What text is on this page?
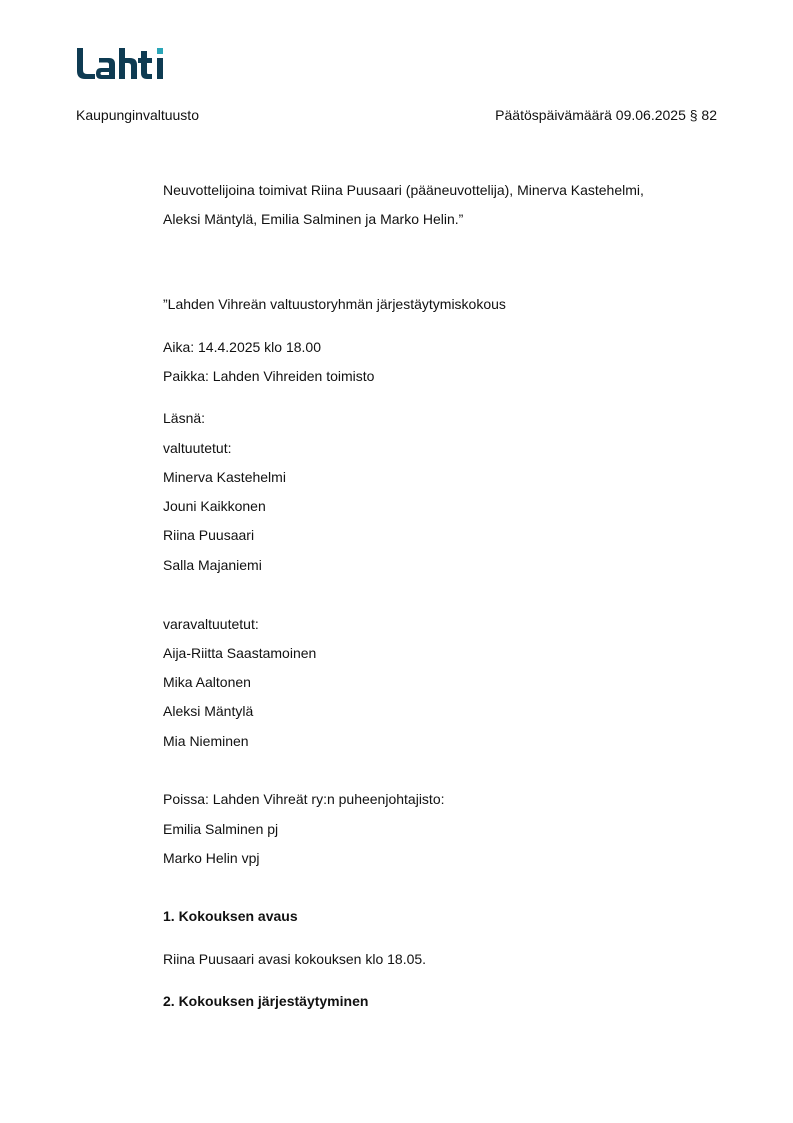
Kaupunginvaltuusto	Päätöspäivämäärä 09.06.2025 § 82
Neuvottelijoina toimivat Riina Puusaari (pääneuvottelija), Minerva Kastehelmi,
Aleksi Mäntylä, Emilia Salminen ja Marko Helin.”
”Lahden Vihreän valtuustoryhmän järjestäytymiskokous
Aika: 14.4.2025 klo 18.00
Paikka: Lahden Vihreiden toimisto
Läsnä:
valtuutetut:
Minerva Kastehelmi
Jouni Kaikkonen
Riina Puusaari
Salla Majaniemi
varavaltuutetut:
Aija-Riitta Saastamoinen
Mika Aaltonen
Aleksi Mäntylä
Mia Nieminen
Poissa: Lahden Vihreät ry:n puheenjohtajisto:
Emilia Salminen pj
Marko Helin vpj
1. Kokouksen avaus
Riina Puusaari avasi kokouksen klo 18.05.
2. Kokouksen järjestäytyminen
